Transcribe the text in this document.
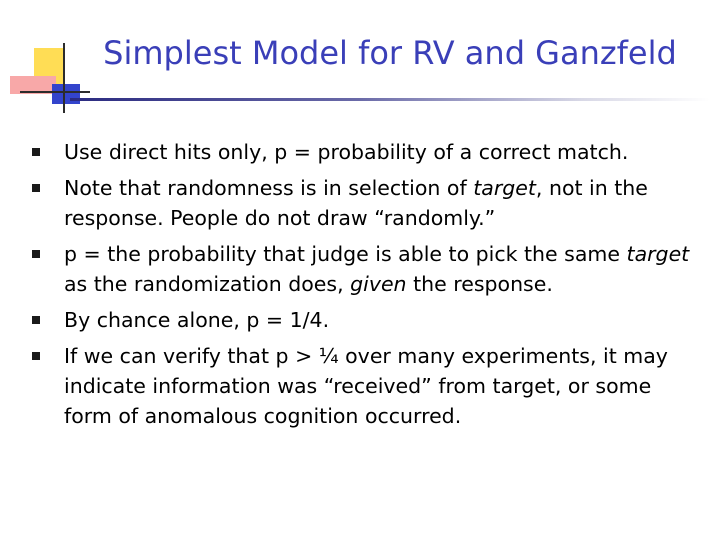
Simplest Model for RV and Ganzfeld
Use direct hits only, p = probability of a correct match.
Note that randomness is in selection of target, not in the response. People do not draw “randomly.”
p = the probability that judge is able to pick the same target as the randomization does, given the response.
By chance alone, p = 1/4.
If we can verify that p > ¼ over many experiments, it may indicate information was “received” from target, or some form of anomalous cognition occurred.
